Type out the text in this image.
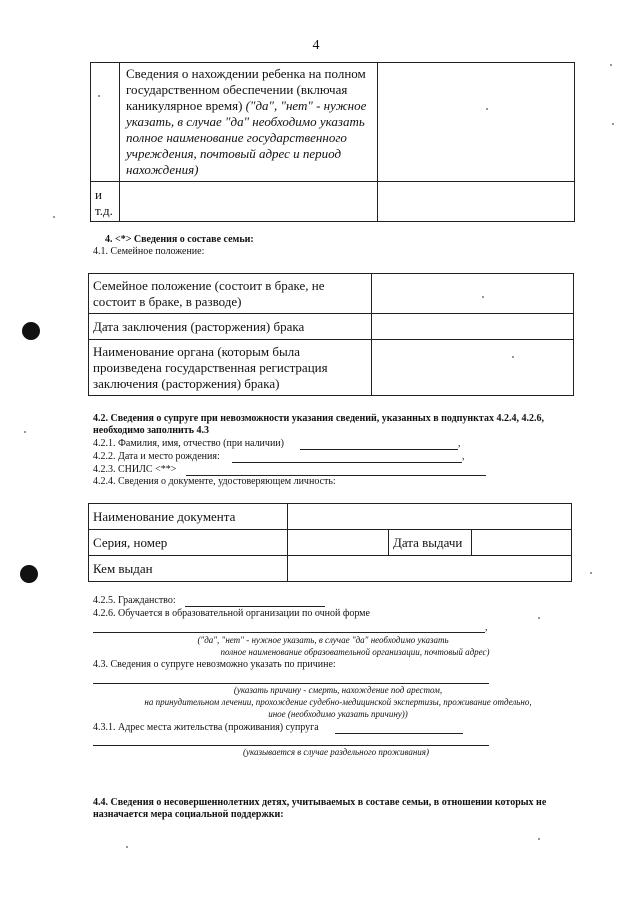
4
	Сведения о нахождении ребенка на полном государственном обеспечении (включая каникулярное время) ("да", "нет" - нужное указать, в случае "да" необходимо указать полное наименование государственного учреждения, почтовый адрес и период нахождения)	
и т.д.		
4. <*> Сведения о составе семьи:
4.1. Семейное положение:
Семейное положение (состоит в браке, не состоит в браке, в разводе)	
Дата заключения (расторжения) брака	
Наименование органа (которым была произведена государственная регистрация заключения (расторжения) брака)	
4.2. Сведения о супруге при невозможности указания сведений, указанных в подпунктах 4.2.4, 4.2.6, необходимо заполнить 4.3
4.2.1. Фамилия, имя, отчество (при наличии)	,
4.2.2. Дата и место рождения:	,
4.2.3. СНИЛС <**>
4.2.4. Сведения о документе, удостоверяющем личность:
Наименование документа			
Серия, номер		Дата выдачи	
Кем выдан			
4.2.5. Гражданство:
4.2.6. Обучается в образовательной организации по очной форме
,
("да", "нет" - нужное указать, в случае "да" необходимо указать
полное наименование образовательной организации, почтовый адрес)
4.3. Сведения о супруге невозможно указать по причине:
(указать причину - смерть, нахождение под арестом,
на принудительном лечении, прохождение судебно-медицинской экспертизы, проживание отдельно,
иное (необходимо указать причину))
4.3.1. Адрес места жительства (проживания) супруга
(указывается в случае раздельного проживания)
4.4. Сведения о несовершеннолетних детях, учитываемых в составе семьи, в отношении которых не назначается мера социальной поддержки:
